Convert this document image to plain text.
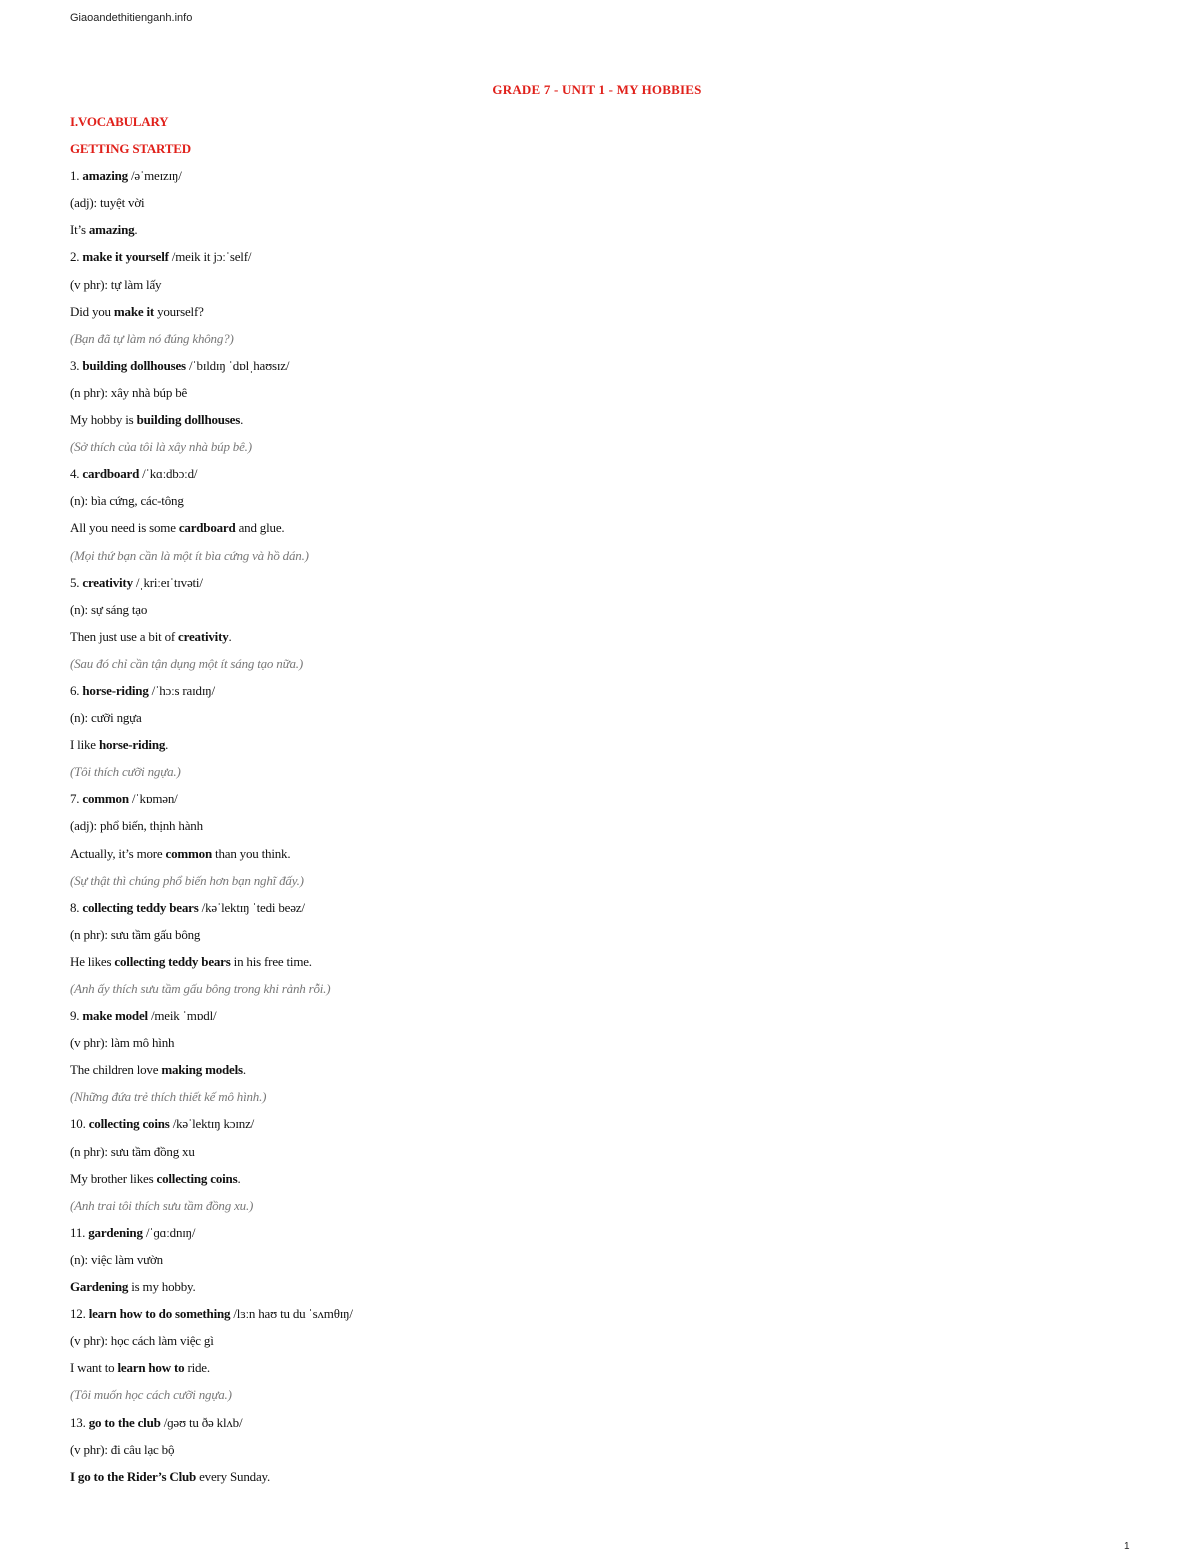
Giaoandethitienganh.info
GRADE 7 - UNIT 1 - MY HOBBIES
I.VOCABULARY
GETTING STARTED
1. amazing /əˈmeɪzɪŋ/
(adj): tuyệt vời
It’s amazing.
2. make it yourself /meik it jɔːˈself/
(v phr): tự làm lấy
Did you make it yourself?
(Bạn đã tự làm nó đúng không?)
3. building dollhouses /ˈbɪldɪŋ ˈdɒlˌhaʊsɪz/
(n phr): xây nhà búp bê
My hobby is building dollhouses.
(Sở thích của tôi là xây nhà búp bê.)
4. cardboard /ˈkɑːdbɔːd/
(n): bìa cứng, các-tông
All you need is some cardboard and glue.
(Mọi thứ bạn cần là một ít bìa cứng và hồ dán.)
5. creativity /ˌkriːeɪˈtɪvəti/
(n): sự sáng tạo
Then just use a bit of creativity.
(Sau đó chỉ cần tận dụng một ít sáng tạo nữa.)
6. horse-riding /ˈhɔːs raɪdɪŋ/
(n): cưỡi ngựa
I like horse-riding.
(Tôi thích cưỡi ngựa.)
7. common /ˈkɒmən/
(adj): phổ biến, thịnh hành
Actually, it’s more common than you think.
(Sự thật thì chúng phổ biến hơn bạn nghĩ đấy.)
8. collecting teddy bears /kəˈlektɪŋ ˈtedi beəz/
(n phr): sưu tầm gấu bông
He likes collecting teddy bears in his free time.
(Anh ấy thích sưu tầm gấu bông trong khi rảnh rỗi.)
9. make model /meik ˈmɒdl/
(v phr): làm mô hình
The children love making models.
(Những đứa trẻ thích thiết kế mô hình.)
10. collecting coins /kəˈlektɪŋ kɔɪnz/
(n phr): sưu tầm đồng xu
My brother likes collecting coins.
(Anh trai tôi thích sưu tầm đồng xu.)
11. gardening /ˈɡɑːdnɪŋ/
(n): việc làm vườn
Gardening is my hobby.
12. learn how to do something /lɜːn haʊ tu du ˈsʌmθɪŋ/
(v phr): học cách làm việc gì
I want to learn how to ride.
(Tôi muốn học cách cưỡi ngựa.)
13. go to the club /ɡəʊ tu ðə klʌb/
(v phr): đi câu lạc bộ
I go to the Rider’s Club every Sunday.
1
